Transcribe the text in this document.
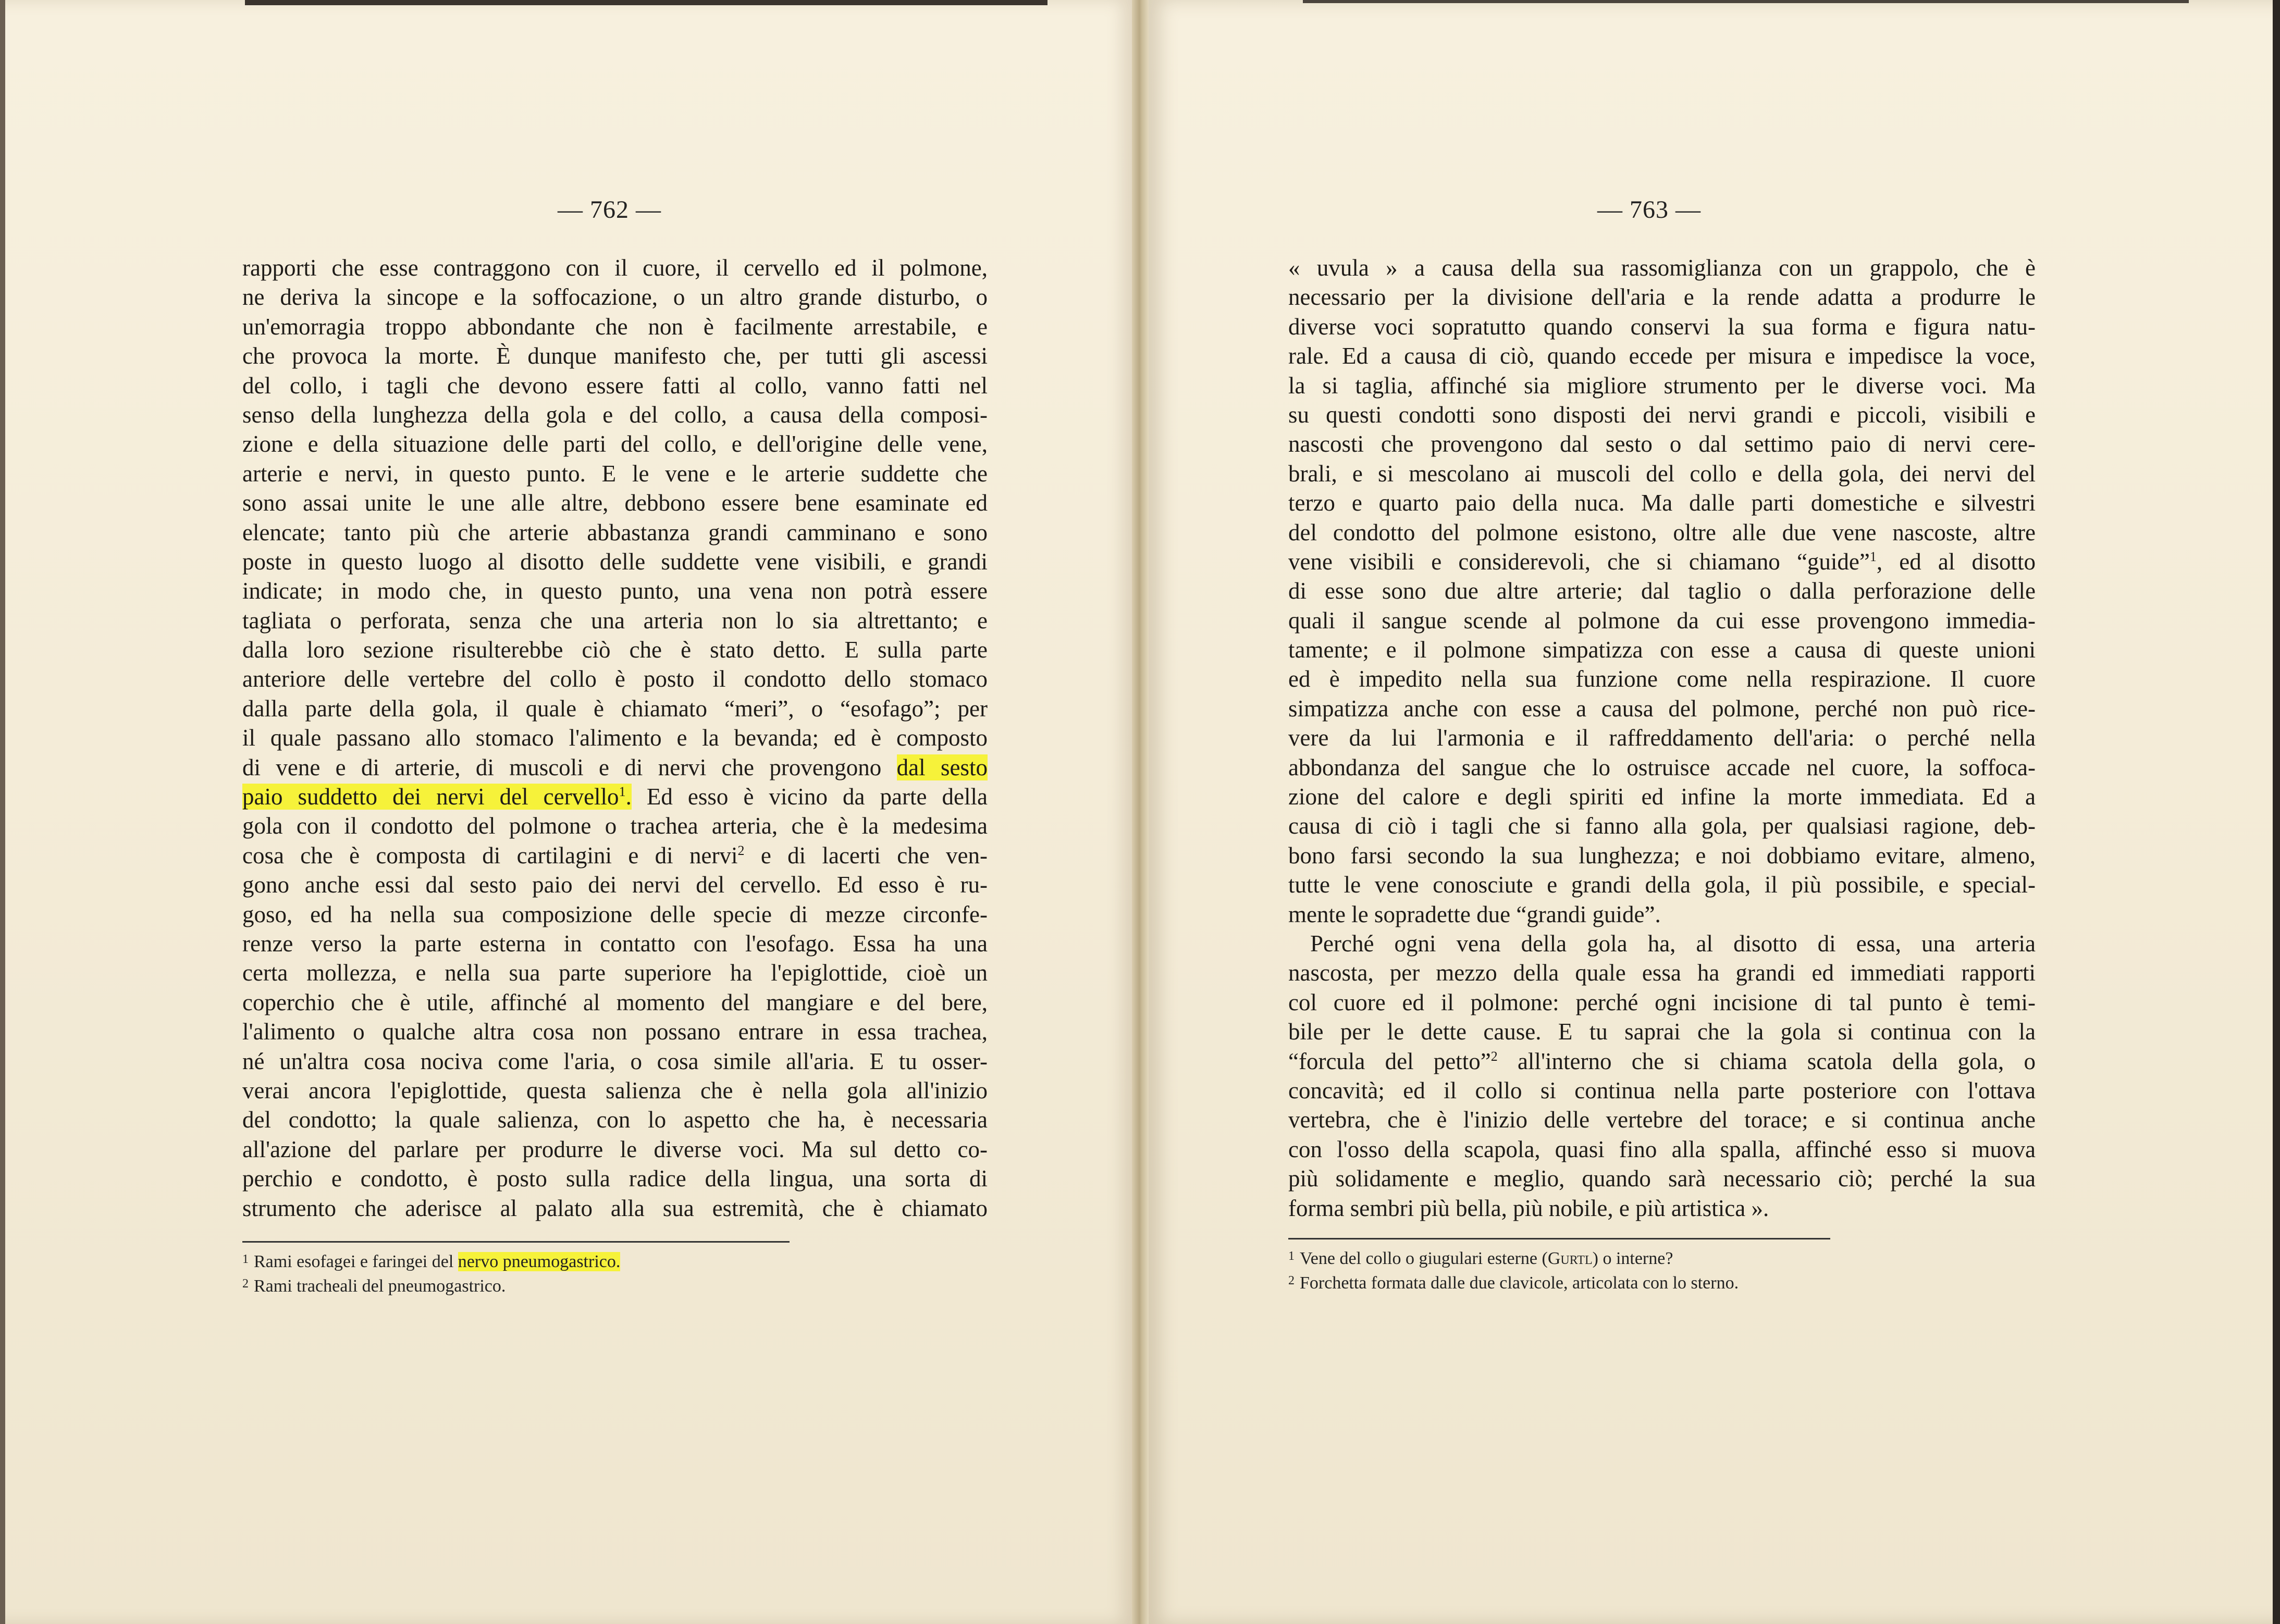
— 762 —
rapporti che esse contraggono con il cuore, il cervello ed il polmone,
ne deriva la sincope e la soffocazione, o un altro grande disturbo, o
un'emorragia troppo abbondante che non è facilmente arrestabile, e
che provoca la morte. È dunque manifesto che, per tutti gli ascessi
del collo, i tagli che devono essere fatti al collo, vanno fatti nel
senso della lunghezza della gola e del collo, a causa della composi-
zione e della situazione delle parti del collo, e dell'origine delle vene,
arterie e nervi, in questo punto. E le vene e le arterie suddette che
sono assai unite le une alle altre, debbono essere bene esaminate ed
elencate; tanto più che arterie abbastanza grandi camminano e sono
poste in questo luogo al disotto delle suddette vene visibili, e grandi
indicate; in modo che, in questo punto, una vena non potrà essere
tagliata o perforata, senza che una arteria non lo sia altrettanto; e
dalla loro sezione risulterebbe ciò che è stato detto. E sulla parte
anteriore delle vertebre del collo è posto il condotto dello stomaco
dalla parte della gola, il quale è chiamato “meri”, o “esofago”; per
il quale passano allo stomaco l'alimento e la bevanda; ed è composto
di vene e di arterie, di muscoli e di nervi che provengono dal sesto
paio suddetto dei nervi del cervello$^1$. Ed esso è vicino da parte della
gola con il condotto del polmone o trachea arteria, che è la medesima
cosa che è composta di cartilagini e di nervi$^2$ e di lacerti che ven-
gono anche essi dal sesto paio dei nervi del cervello. Ed esso è ru-
goso, ed ha nella sua composizione delle specie di mezze circonfe-
renze verso la parte esterna in contatto con l'esofago. Essa ha una
certa mollezza, e nella sua parte superiore ha l'epiglottide, cioè un
coperchio che è utile, affinché al momento del mangiare e del bere,
l'alimento o qualche altra cosa non possano entrare in essa trachea,
né un'altra cosa nociva come l'aria, o cosa simile all'aria. E tu osser-
verai ancora l'epiglottide, questa salienza che è nella gola all'inizio
del condotto; la quale salienza, con lo aspetto che ha, è necessaria
all'azione del parlare per produrre le diverse voci. Ma sul detto co-
perchio e condotto, è posto sulla radice della lingua, una sorta di
strumento che aderisce al palato alla sua estremità, che è chiamato
$^1$ Rami esofagei e faringei del nervo pneumogastrico.
$^2$ Rami tracheali del pneumogastrico.
— 763 —
« uvula » a causa della sua rassomiglianza con un grappolo, che è
necessario per la divisione dell'aria e la rende adatta a produrre le
diverse voci sopratutto quando conservi la sua forma e figura natu-
rale. Ed a causa di ciò, quando eccede per misura e impedisce la voce,
la si taglia, affinché sia migliore strumento per le diverse voci. Ma
su questi condotti sono disposti dei nervi grandi e piccoli, visibili e
nascosti che provengono dal sesto o dal settimo paio di nervi cere-
brali, e si mescolano ai muscoli del collo e della gola, dei nervi del
terzo e quarto paio della nuca. Ma dalle parti domestiche e silvestri
del condotto del polmone esistono, oltre alle due vene nascoste, altre
vene visibili e considerevoli, che si chiamano “guide”$^1$, ed al disotto
di esse sono due altre arterie; dal taglio o dalla perforazione delle
quali il sangue scende al polmone da cui esse provengono immedia-
tamente; e il polmone simpatizza con esse a causa di queste unioni
ed è impedito nella sua funzione come nella respirazione. Il cuore
simpatizza anche con esse a causa del polmone, perché non può rice-
vere da lui l'armonia e il raffreddamento dell'aria: o perché nella
abbondanza del sangue che lo ostruisce accade nel cuore, la soffoca-
zione del calore e degli spiriti ed infine la morte immediata. Ed a
causa di ciò i tagli che si fanno alla gola, per qualsiasi ragione, deb-
bono farsi secondo la sua lunghezza; e noi dobbiamo evitare, almeno,
tutte le vene conosciute e grandi della gola, il più possibile, e special-
mente le sopradette due “grandi guide”.
Perché ogni vena della gola ha, al disotto di essa, una arteria
nascosta, per mezzo della quale essa ha grandi ed immediati rapporti
col cuore ed il polmone: perché ogni incisione di tal punto è temi-
bile per le dette cause. E tu saprai che la gola si continua con la
“forcula del petto”$^2$ all'interno che si chiama scatola della gola, o
concavità; ed il collo si continua nella parte posteriore con l'ottava
vertebra, che è l'inizio delle vertebre del torace; e si continua anche
con l'osso della scapola, quasi fino alla spalla, affinché esso si muova
più solidamente e meglio, quando sarà necessario ciò; perché la sua
forma sembri più bella, più nobile, e più artistica ».
$^1$ Vene del collo o giugulari esterne (Gurtl) o interne?
$^2$ Forchetta formata dalle due clavicole, articolata con lo sterno.
